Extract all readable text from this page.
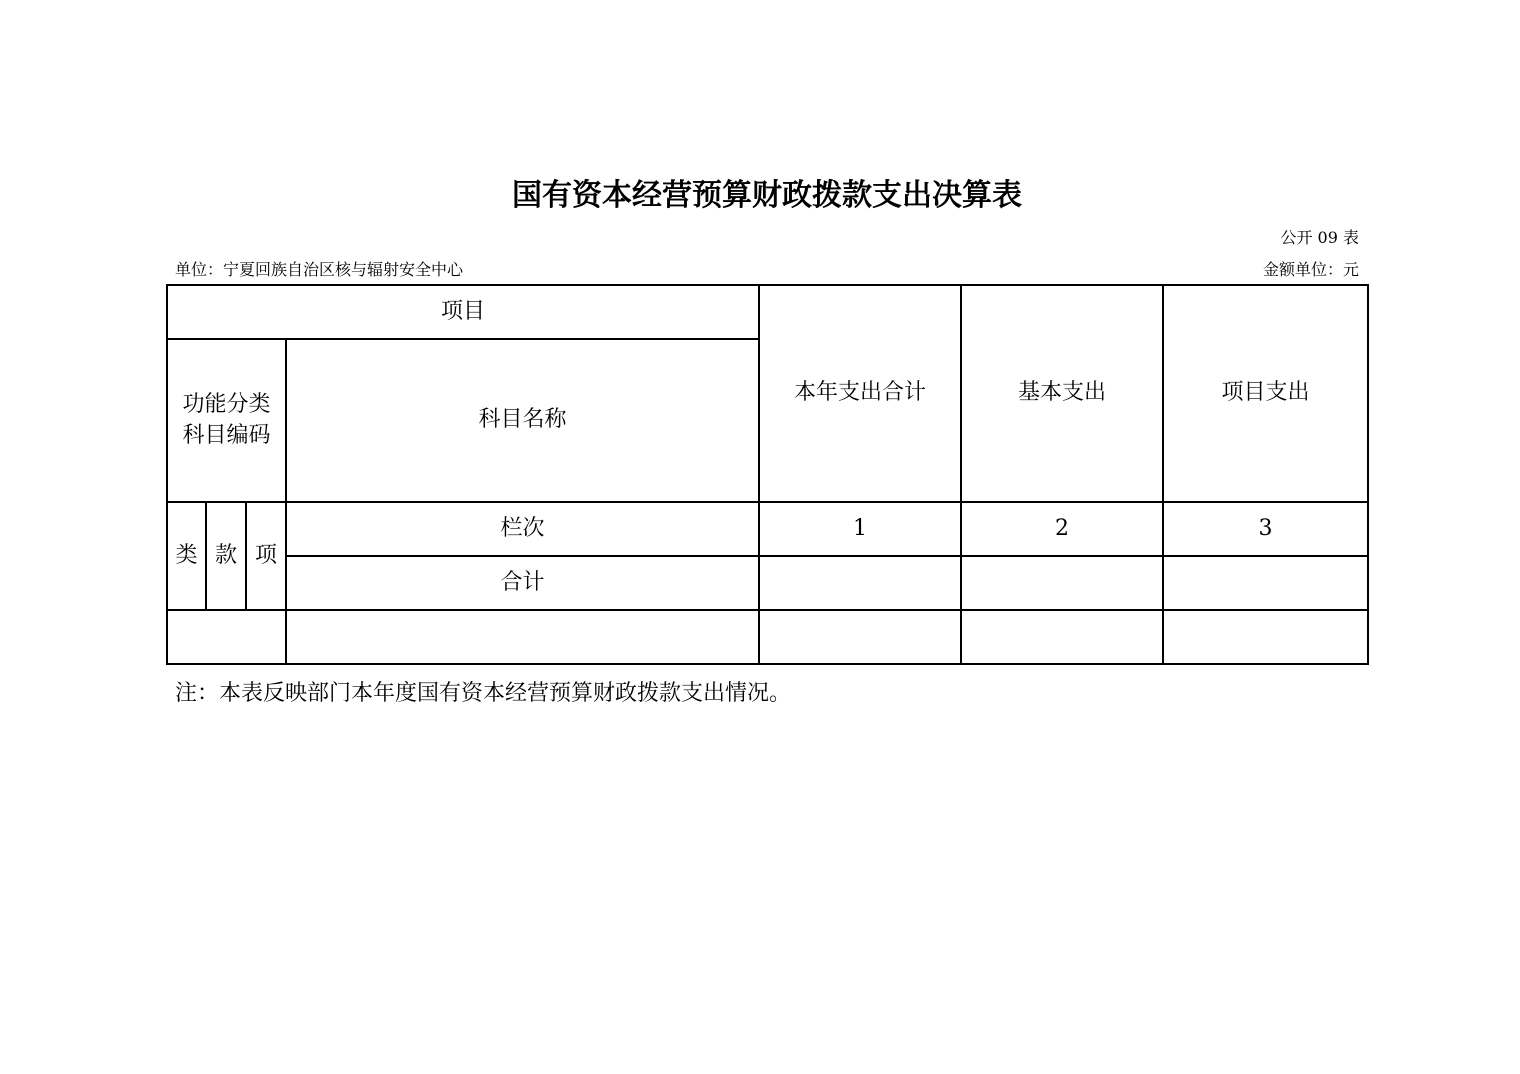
国有资本经营预算财政拨款支出决算表
公开 09 表
单位：宁夏回族自治区核与辐射安全中心	金额单位：元
项目				本年支出合计	基本支出	项目支出

功能分类
科目编码			科目名称			
类	款	项	栏次	1	2	3
			合计			

注：本表反映部门本年度国有资本经营预算财政拨款支出情况。
